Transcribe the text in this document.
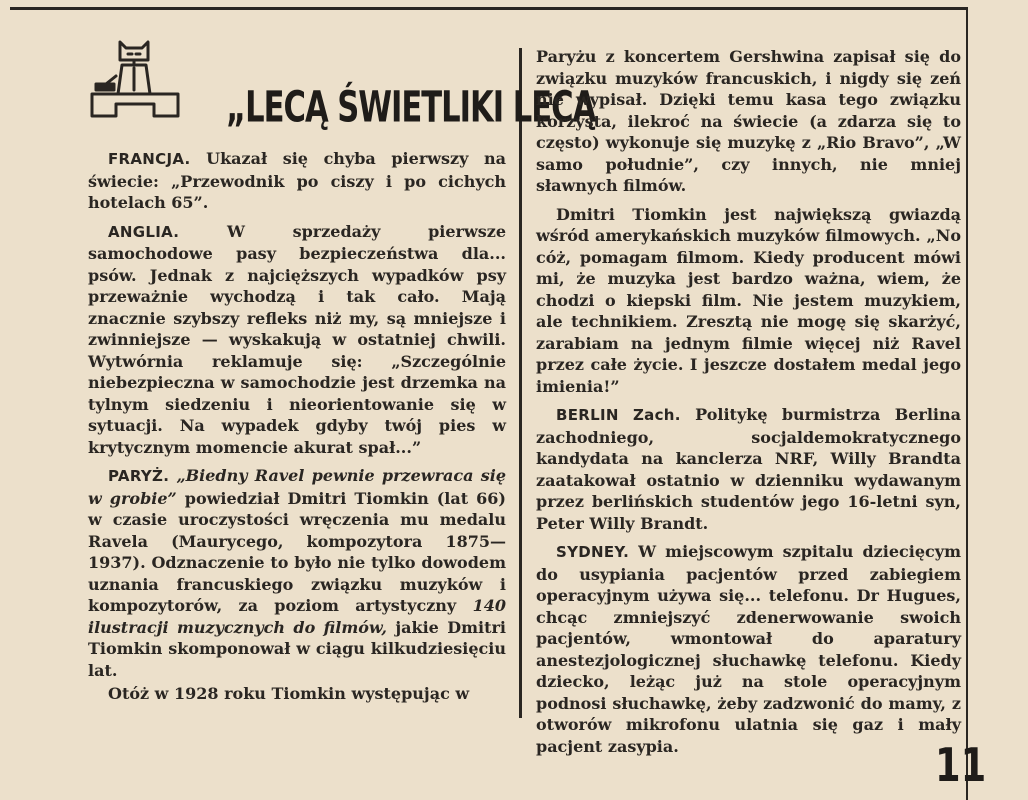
„LECĄ ŚWIETLIKI LECĄ

FRANCJA. Ukazał się chyba pierwszy na świecie: „Przewodnik po ciszy i po cichych hotelach 65”.

ANGLIA. W sprzedaży pierwsze samochodowe pasy bezpieczeństwa dla... psów. Jednak z najcięższych wypadków psy przeważnie wychodzą i tak cało. Mają znacznie szybszy refleks niż my, są mniejsze i zwinniejsze — wyskakują w ostatniej chwili. Wytwórnia reklamuje się: „Szczególnie niebezpieczna w samochodzie jest drzemka na tylnym siedzeniu i nieorientowanie się w sytuacji. Na wypadek gdyby twój pies w krytycznym momencie akurat spał...”

PARYŻ. „Biedny Ravel pewnie przewraca się w grobie” powiedział Dmitri Tiomkin (lat 66) w czasie uroczystości wręczenia mu medalu Ravela (Maurycego, kompozytora 1875—1937). Odznaczenie to było nie tylko dowodem uznania francuskiego związku muzyków i kompozytorów, za poziom artystyczny 140 ilustracji muzycznych do filmów, jakie Dmitri Tiomkin skomponował w ciągu kilkudziesięciu lat.

Otóż w 1928 roku Tiomkin występując w

Paryżu z koncertem Gershwina zapisał się do związku muzyków francuskich, i nigdy się zeń nie wypisał. Dzięki temu kasa tego związku korzysta, ilekroć na świecie (a zdarza się to często) wykonuje się muzykę z „Rio Bravo”, „W samo południe”, czy innych, nie mniej sławnych filmów.

Dmitri Tiomkin jest największą gwiazdą wśród amerykańskich muzyków filmowych. „No cóż, pomagam filmom. Kiedy producent mówi mi, że muzyka jest bardzo ważna, wiem, że chodzi o kiepski film. Nie jestem muzykiem, ale technikiem. Zresztą nie mogę się skarżyć, zarabiam na jednym filmie więcej niż Ravel przez całe życie. I jeszcze dostałem medal jego imienia!”

BERLIN Zach. Politykę burmistrza Berlina zachodniego, socjaldemokratycznego kandydata na kanclerza NRF, Willy Brandta zaatakował ostatnio w dzienniku wydawanym przez berlińskich studentów jego 16-letni syn, Peter Willy Brandt.

SYDNEY. W miejscowym szpitalu dziecięcym do usypiania pacjentów przed zabiegiem operacyjnym używa się... telefonu. Dr Hugues, chcąc zmniejszyć zdenerwowanie swoich pacjentów, wmontował do aparatury anestezjologicznej słuchawkę telefonu. Kiedy dziecko, leżąc już na stole operacyjnym podnosi słuchawkę, żeby zadzwonić do mamy, z otworów mikrofonu ulatnia się gaz i mały pacjent zasypia.	11
